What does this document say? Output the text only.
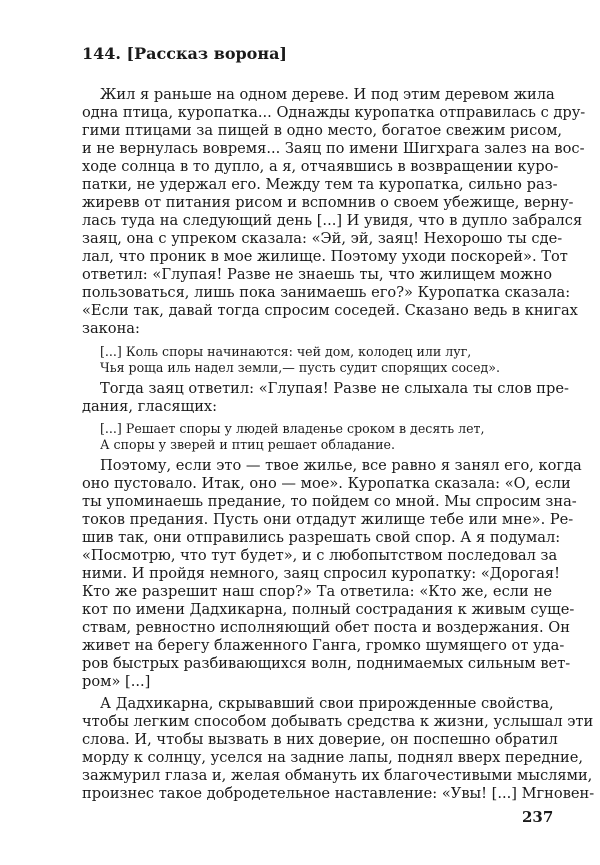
144. [Рассказ ворона]
Жил я раньше на одном дереве. И под этим деревом жила
одна птица, куропатка... Однажды куропатка отправилась с дру-
гими птицами за пищей в одно место, богатое свежим рисом,
и не вернулась вовремя... Заяц по имени Шигхрага залез на вос-
ходе солнца в то дупло, а я, отчаявшись в возвращении куро-
патки, не удержал его. Между тем та куропатка, сильно раз-
жиревв от питания рисом и вспомнив о своем убежище, верну-
лась туда на следующий день [...] И увидя, что в дупло забрался
заяц, она с упреком сказала: «Эй, эй, заяц! Нехорошо ты сде-
лал, что проник в мое жилище. Поэтому уходи поскорей». Тот
ответил: «Глупая! Разве не знаешь ты, что жилищем можно
пользоваться, лишь пока занимаешь его?» Куропатка сказала:
«Если так, давай тогда спросим соседей. Сказано ведь в книгах
закона:
[...] Коль споры начинаются: чей дом, колодец или луг,
Чья роща иль надел земли,— пусть судит спорящих сосед».
Тогда заяц ответил: «Глупая! Разве не слыхала ты слов пре-
дания, гласящих:
[...] Решает споры у людей владенье сроком в десять лет,
А споры у зверей и птиц решает обладание.
Поэтому, если это — твое жилье, все равно я занял его, когда
оно пустовало. Итак, оно — мое». Куропатка сказала: «О, если
ты упоминаешь предание, то пойдем со мной. Мы спросим зна-
токов предания. Пусть они отдадут жилище тебе или мне». Ре-
шив так, они отправились разрешать свой спор. А я подумал:
«Посмотрю, что тут будет», и с любопытством последовал за
ними. И пройдя немного, заяц спросил куропатку: «Дорогая!
Кто же разрешит наш спор?» Та ответила: «Кто же, если не
кот по имени Дадхикарна, полный сострадания к живым суще-
ствам, ревностно исполняющий обет поста и воздержания. Он
живет на берегу блаженного Ганга, громко шумящего от уда-
ров быстрых разбивающихся волн, поднимаемых сильным вет-
ром» [...]
А Дадхикарна, скрывавший свои прирожденные свойства,
чтобы легким способом добывать средства к жизни, услышал эти
слова. И, чтобы вызвать в них доверие, он поспешно обратил
морду к солнцу, уселся на задние лапы, поднял вверх передние,
зажмурил глаза и, желая обмануть их благочестивыми мыслями,
произнес такое добродетельное наставление: «Увы! [...] Мгновен-
237
